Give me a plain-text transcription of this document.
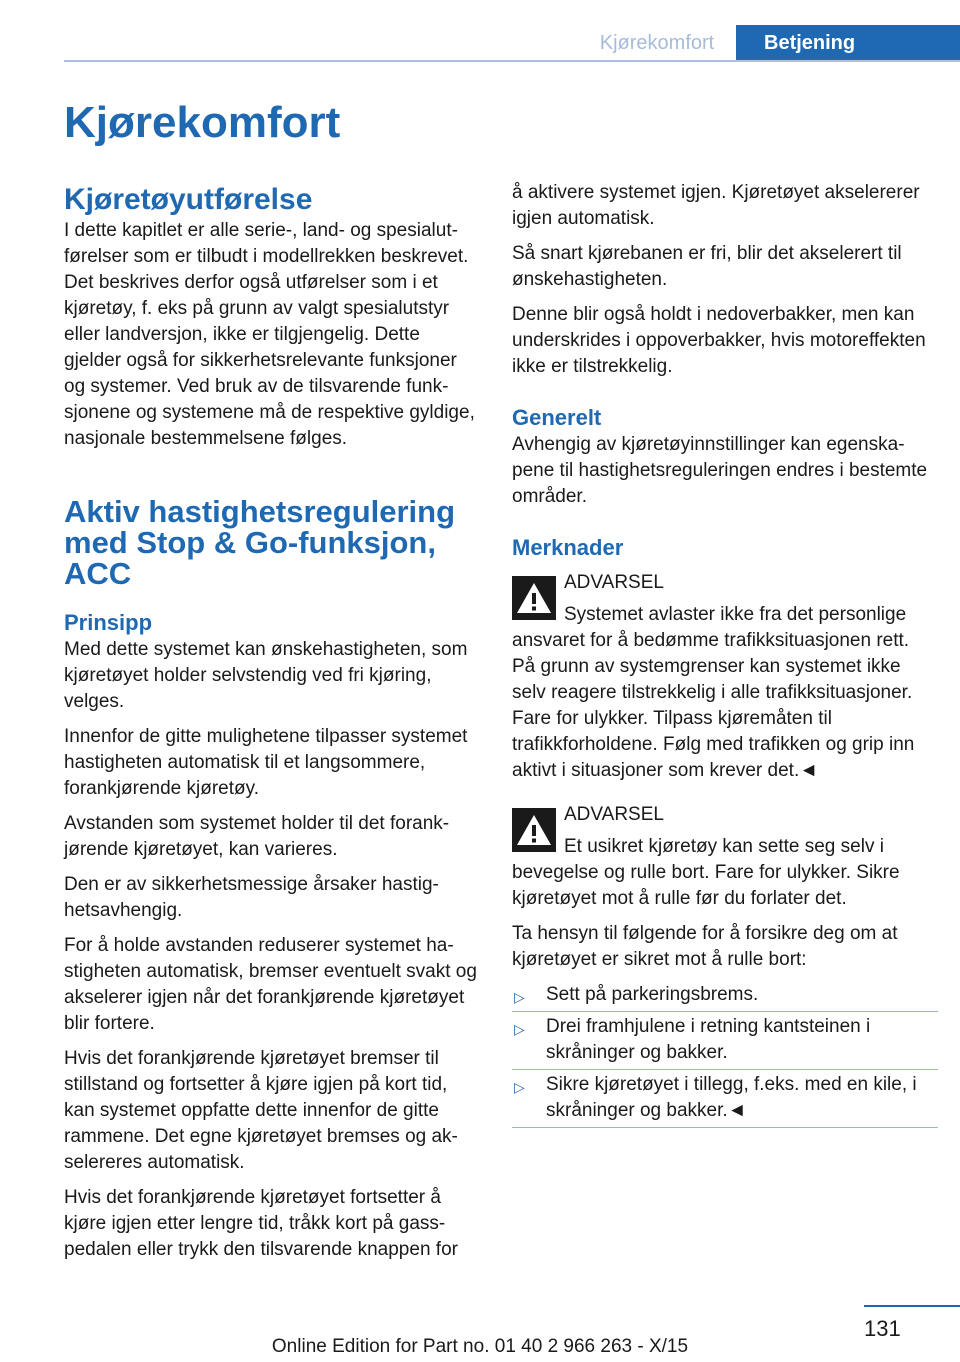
Kjørekomfort	Betjening
Kjørekomfort
Kjøretøyutførelse

I dette kapitlet er alle serie-, land- og spesialutførelser som er tilbudt i modellrekken beskrevet. Det beskrives derfor også utførelser som i et kjøretøy, f. eks på grunn av valgt spesialutstyr eller landversjon, ikke er tilgjengelig. Dette gjelder også for sikkerhetsrelevante funksjoner og systemer. Ved bruk av de tilsvarende funksjonene og systemene må de respektive gyldige, nasjonale bestemmelsene følges.

Aktiv hastighetsregulering med Stop & Go-funksjon, ACC
Prinsipp

Med dette systemet kan ønskehastigheten, som kjøretøyet holder selvstendig ved fri kjøring, velges.

Innenfor de gitte mulighetene tilpasser systemet hastigheten automatisk til et langsommere, forankjørende kjøretøy.

Avstanden som systemet holder til det forankjørende kjøretøyet, kan varieres.

Den er av sikkerhetsmessige årsaker hastighetsavhengig.

For å holde avstanden reduserer systemet hastigheten automatisk, bremser eventuelt svakt og akselerer igjen når det forankjørende kjøretøyet blir fortere.

Hvis det forankjørende kjøretøyet bremser til stillstand og fortsetter å kjøre igjen på kort tid, kan systemet oppfatte dette innenfor de gitte rammene. Det egne kjøretøyet bremses og akselereres automatisk.

Hvis det forankjørende kjøretøyet fortsetter å kjøre igjen etter lengre tid, tråkk kort på gasspedalen eller trykk den tilsvarende knappen for

å aktivere systemet igjen. Kjøretøyet akselererer igjen automatisk.

Så snart kjørebanen er fri, blir det akselerert til ønskehastigheten.

Denne blir også holdt i nedoverbakker, men kan underskrides i oppoverbakker, hvis motoreffekten ikke er tilstrekkelig.

Generelt

Avhengig av kjøretøyinnstillinger kan egenskapene til hastighetsreguleringen endres i bestemte områder.

Merknader
ADVARSEL

Systemet avlaster ikke fra det personlige

ansvaret for å bedømme trafikksituasjonen rett. På grunn av systemgrenser kan systemet ikke selv reagere tilstrekkelig i alle trafikksituasjoner. Fare for ulykker. Tilpass kjøremåten til trafikkforholdene. Følg med trafikken og grip inn aktivt i situasjoner som krever det.◄

ADVARSEL

Et usikret kjøretøy kan sette seg selv i

bevegelse og rulle bort. Fare for ulykker. Sikre kjøretøyet mot å rulle før du forlater det.

Ta hensyn til følgende for å forsikre deg om at kjøretøyet er sikret mot å rulle bort:

▷ Sett på parkeringsbrems.
▷ Drei framhjulene i retning kantsteinen i skråninger og bakker.
▷ Sikre kjøretøyet i tillegg, f.eks. med en kile, i skråninger og bakker.◄
131
Online Edition for Part no. 01 40 2 966 263 - X/15
